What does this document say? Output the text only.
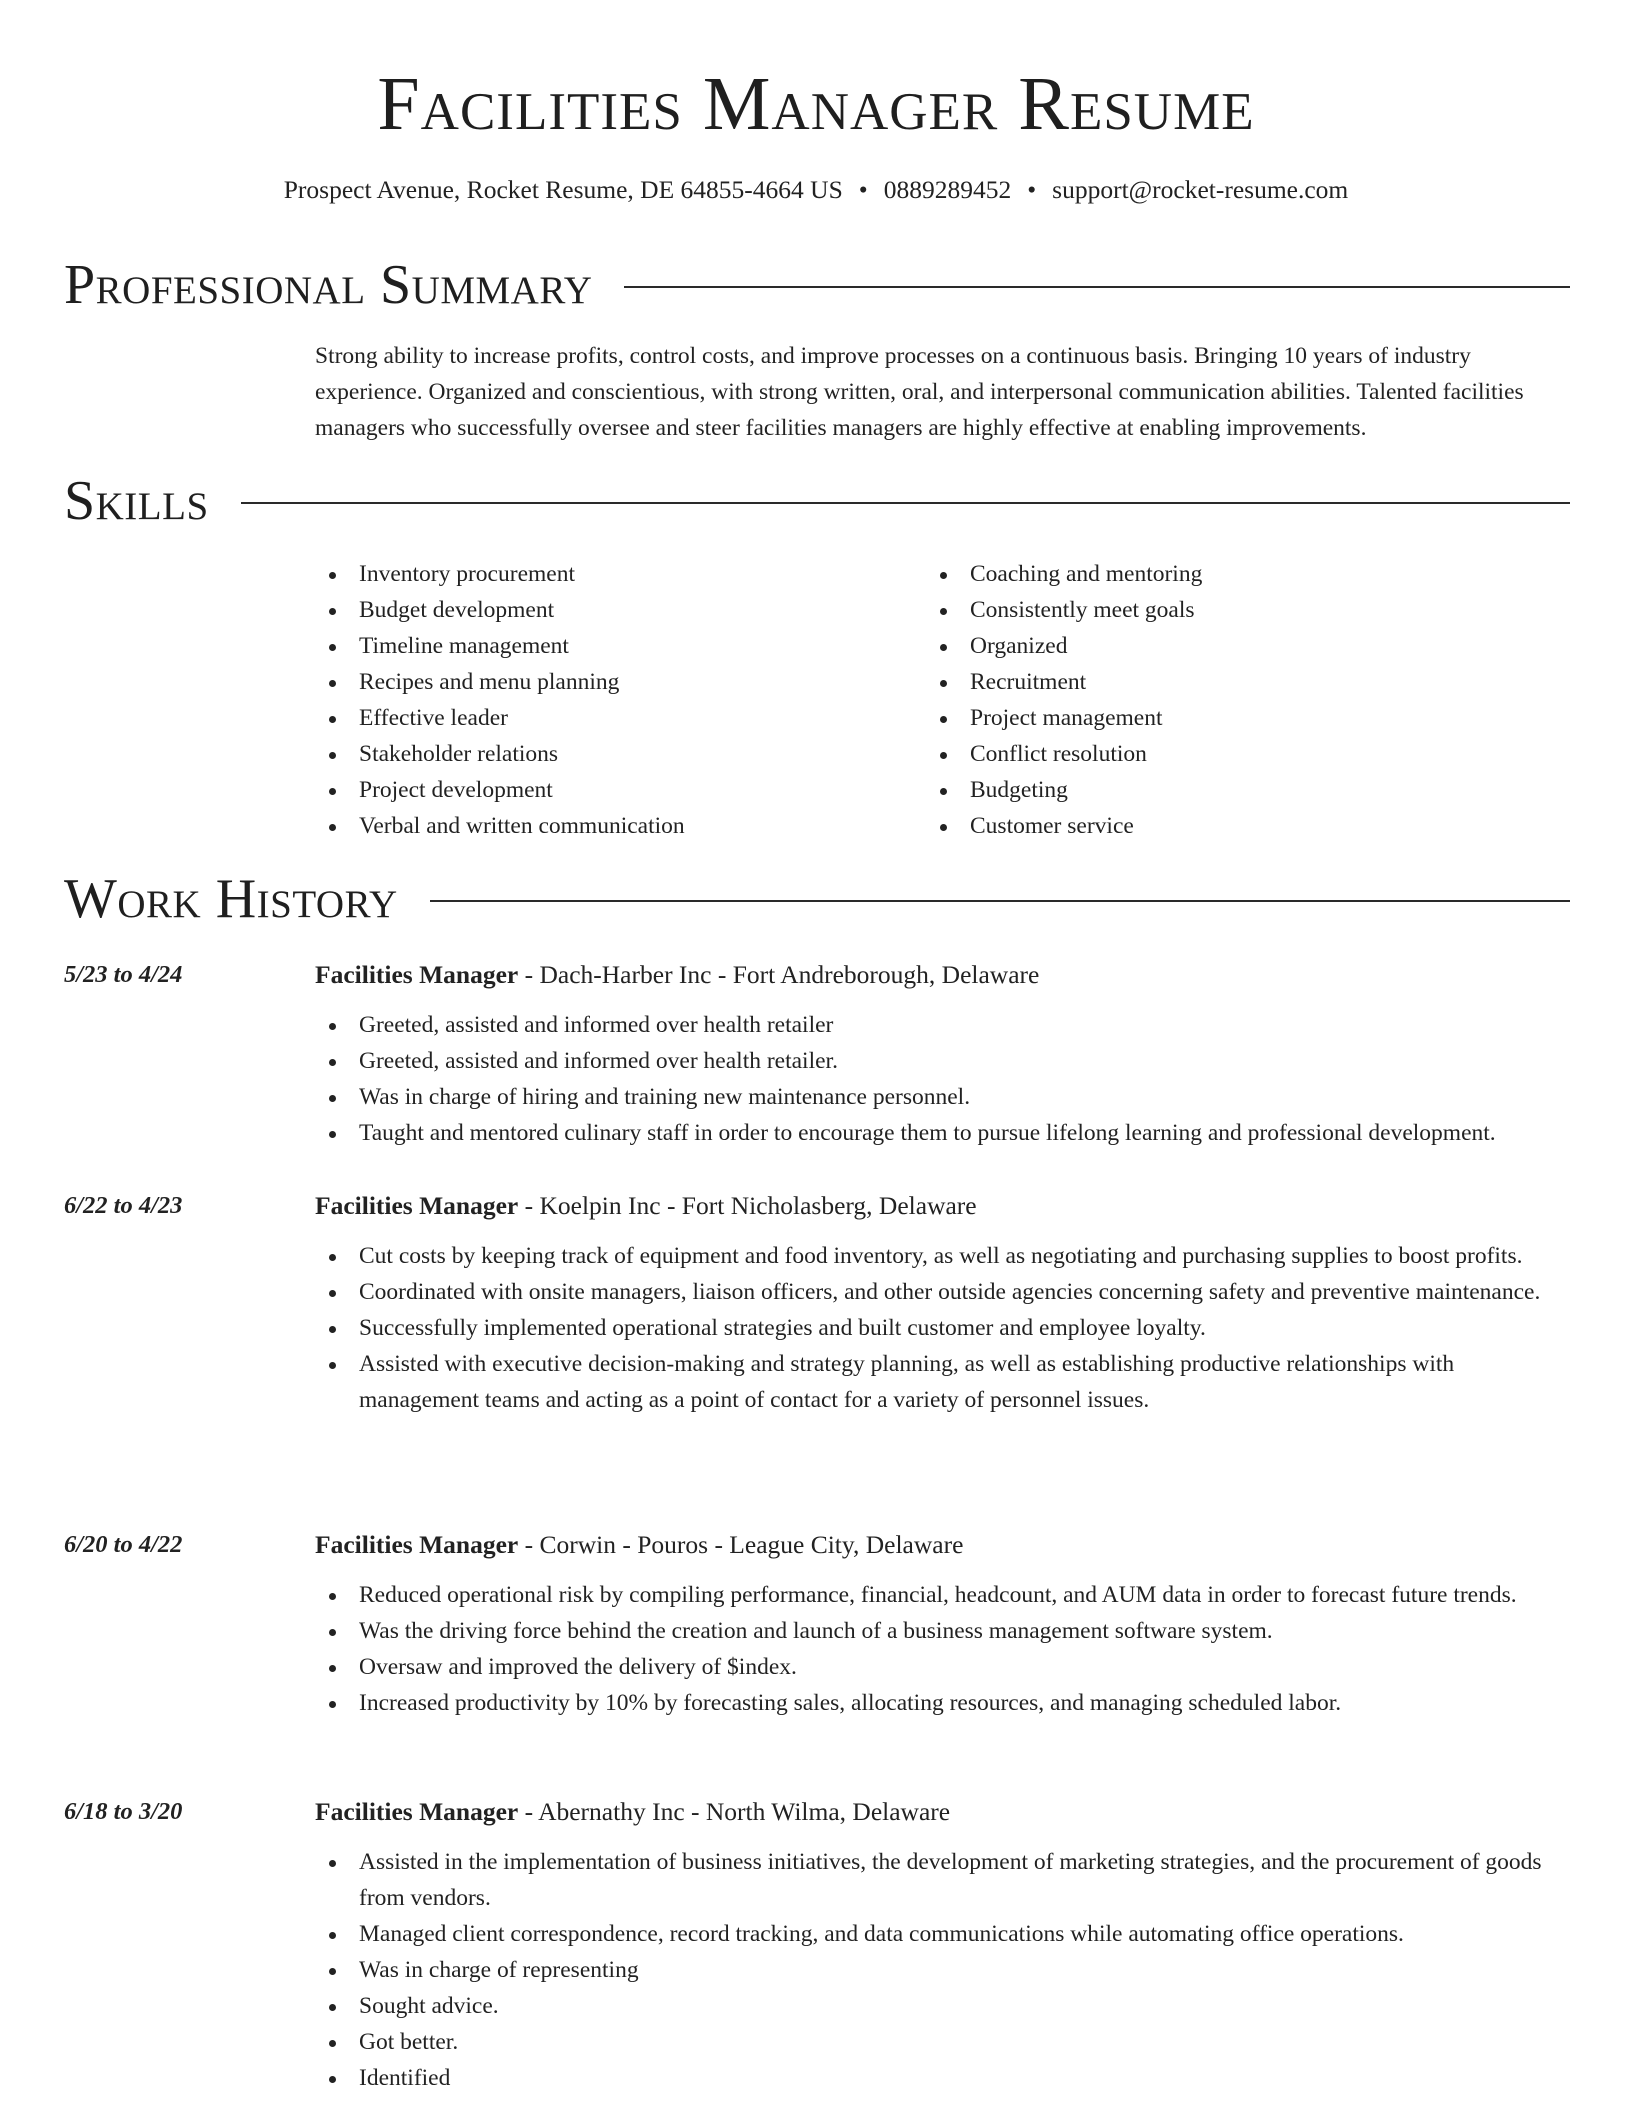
Facilities Manager Resume
Prospect Avenue, Rocket Resume, DE 64855-4664 US • 0889289452 • support@rocket-resume.com
Professional Summary

Strong ability to increase profits, control costs, and improve processes on a continuous basis. Bringing 10 years of industry experience. Organized and conscientious, with strong written, oral, and interpersonal communication abilities. Talented facilities managers who successfully oversee and steer facilities managers are highly effective at enabling improvements.

Skills
Inventory procurement
Budget development
Timeline management
Recipes and menu planning
Effective leader
Stakeholder relations
Project development
Verbal and written communication
Coaching and mentoring
Consistently meet goals
Organized
Recruitment
Project management
Conflict resolution
Budgeting
Customer service
Work History
5/23 to 4/24	Facilities Manager - Dach-Harber Inc - Fort Andreborough, Delaware
Greeted, assisted and informed over health retailer
Greeted, assisted and informed over health retailer.
Was in charge of hiring and training new maintenance personnel.
Taught and mentored culinary staff in order to encourage them to pursue lifelong learning and professional development.
6/22 to 4/23	Facilities Manager - Koelpin Inc - Fort Nicholasberg, Delaware
Cut costs by keeping track of equipment and food inventory, as well as negotiating and purchasing supplies to boost profits.
Coordinated with onsite managers, liaison officers, and other outside agencies concerning safety and preventive maintenance.
Successfully implemented operational strategies and built customer and employee loyalty.
Assisted with executive decision-making and strategy planning, as well as establishing productive relationships with management teams and acting as a point of contact for a variety of personnel issues.
6/20 to 4/22	Facilities Manager - Corwin - Pouros - League City, Delaware
Reduced operational risk by compiling performance, financial, headcount, and AUM data in order to forecast future trends.
Was the driving force behind the creation and launch of a business management software system.
Oversaw and improved the delivery of $index.
Increased productivity by 10% by forecasting sales, allocating resources, and managing scheduled labor.
6/18 to 3/20	Facilities Manager - Abernathy Inc - North Wilma, Delaware
Assisted in the implementation of business initiatives, the development of marketing strategies, and the procurement of goods from vendors.
Managed client correspondence, record tracking, and data communications while automating office operations.
Was in charge of representing
Sought advice.
Got better.
Identified
